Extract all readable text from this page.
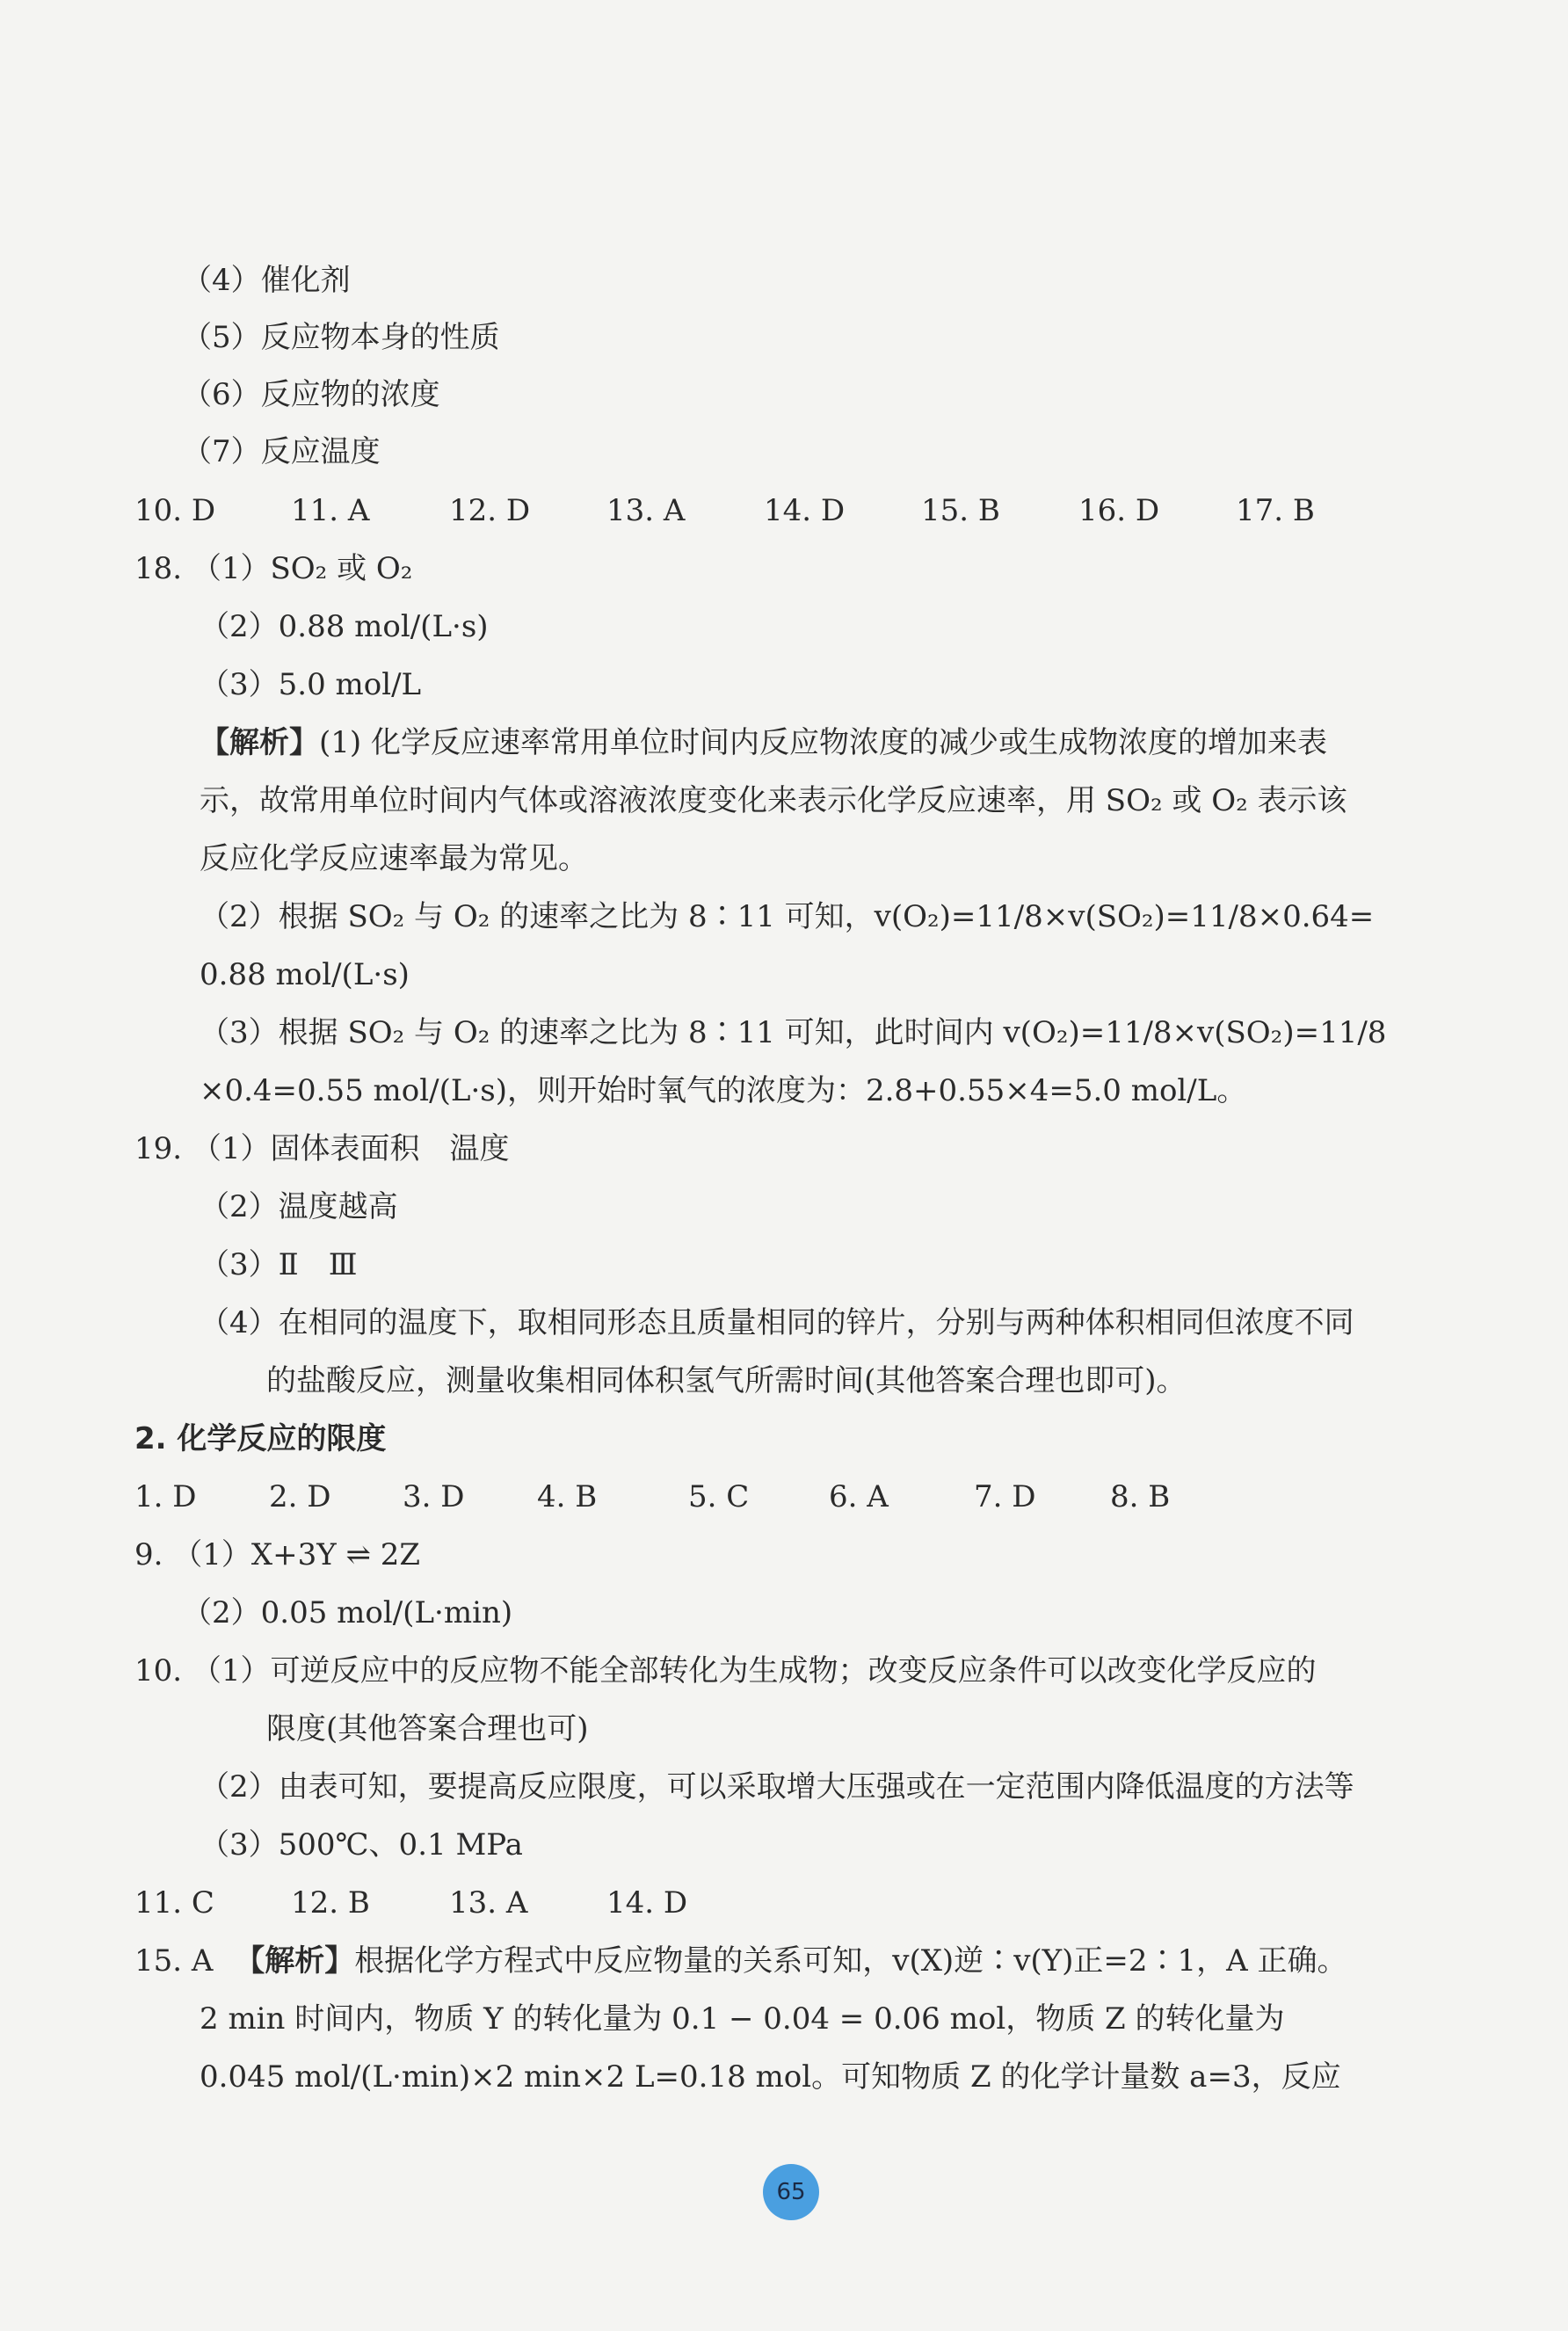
（4）催化剂
（5）反应物本身的性质
（6）反应物的浓度
（7）反应温度
10. D	11. A	12. D	13. A	14. D	15. B	16. D	17. B
18. （1）SO₂ 或 O₂
（2）0.88 mol/(L·s)
（3）5.0 mol/L
【解析】(1) 化学反应速率常用单位时间内反应物浓度的减少或生成物浓度的增加来表
示，故常用单位时间内气体或溶液浓度变化来表示化学反应速率，用 SO₂ 或 O₂ 表示该
反应化学反应速率最为常见。
（2）根据 SO₂ 与 O₂ 的速率之比为 8∶11 可知，v(O₂)=11/8×v(SO₂)=11/8×0.64=
0.88 mol/(L·s)
（3）根据 SO₂ 与 O₂ 的速率之比为 8∶11 可知，此时间内 v(O₂)=11/8×v(SO₂)=11/8
×0.4=0.55 mol/(L·s)，则开始时氧气的浓度为：2.8+0.55×4=5.0 mol/L。
19. （1）固体表面积　温度
（2）温度越高
（3）Ⅱ　Ⅲ
（4）在相同的温度下，取相同形态且质量相同的锌片，分别与两种体积相同但浓度不同
的盐酸反应，测量收集相同体积氢气所需时间(其他答案合理也即可)。
2. 化学反应的限度
1. D 2. D 3. D 4. B	5. C	6. A	7. D 8. B
9. （1）X+3Y ⇌ 2Z
（2）0.05 mol/(L·min)
10. （1）可逆反应中的反应物不能全部转化为生成物；改变反应条件可以改变化学反应的
限度(其他答案合理也可)
（2）由表可知，要提高反应限度，可以采取增大压强或在一定范围内降低温度的方法等
（3）500℃、0.1 MPa
11. C	12. B	13. A	14. D
15. A 【解析】根据化学方程式中反应物量的关系可知，v(X)逆∶v(Y)正=2∶1，A 正确。
2 min 时间内，物质 Y 的转化量为 0.1 − 0.04 = 0.06 mol，物质 Z 的转化量为
0.045 mol/(L·min)×2 min×2 L=0.18 mol。可知物质 Z 的化学计量数 a=3，反应
65
